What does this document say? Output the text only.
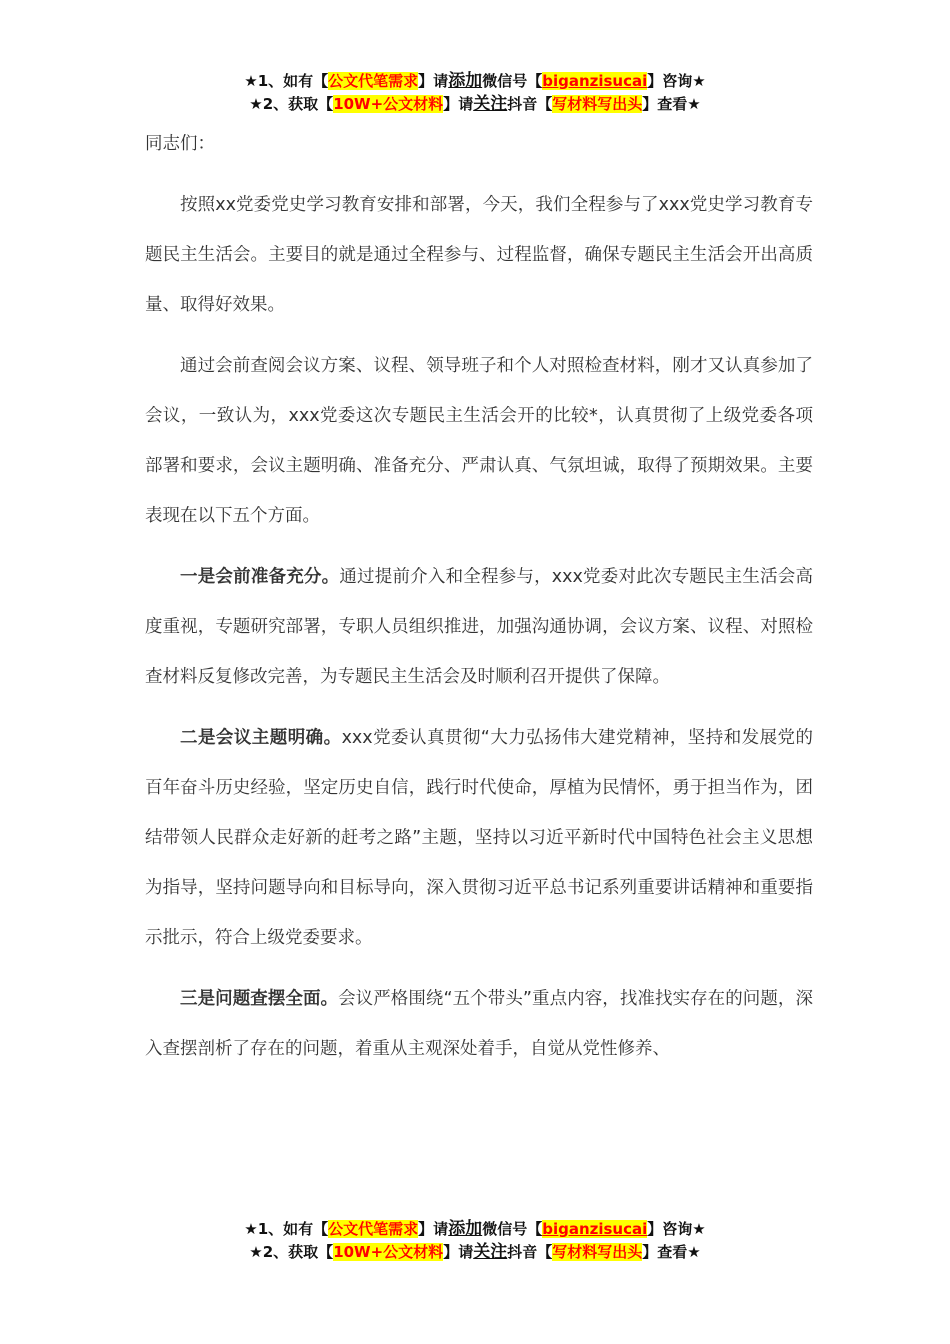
★1、如有【公文代笔需求】请添加微信号【biganzisucai】咨询★
★2、获取【10W+公文材料】请关注抖音【写材料写出头】查看★

同志们：

按照xx党委党史学习教育安排和部署，今天，我们全程参与了xxx党史学习教育专题民主生活会。主要目的就是通过全程参与、过程监督，确保专题民主生活会开出高质量、取得好效果。

通过会前查阅会议方案、议程、领导班子和个人对照检查材料，刚才又认真参加了会议，一致认为，xxx党委这次专题民主生活会开的比较*，认真贯彻了上级党委各项部署和要求，会议主题明确、准备充分、严肃认真、气氛坦诚，取得了预期效果。主要表现在以下五个方面。

一是会前准备充分。通过提前介入和全程参与，xxx党委对此次专题民主生活会高度重视，专题研究部署，专职人员组织推进，加强沟通协调，会议方案、议程、对照检查材料反复修改完善，为专题民主生活会及时顺利召开提供了保障。

二是会议主题明确。xxx党委认真贯彻“大力弘扬伟大建党精神，坚持和发展党的百年奋斗历史经验，坚定历史自信，践行时代使命，厚植为民情怀，勇于担当作为，团结带领人民群众走好新的赶考之路”主题，坚持以习近平新时代中国特色社会主义思想为指导，坚持问题导向和目标导向，深入贯彻习近平总书记系列重要讲话精神和重要指示批示，符合上级党委要求。

三是问题查摆全面。会议严格围绕“五个带头”重点内容，找准找实存在的问题，深入查摆剖析了存在的问题，着重从主观深处着手，自觉从党性修养、

★1、如有【公文代笔需求】请添加微信号【biganzisucai】咨询★
★2、获取【10W+公文材料】请关注抖音【写材料写出头】查看★
